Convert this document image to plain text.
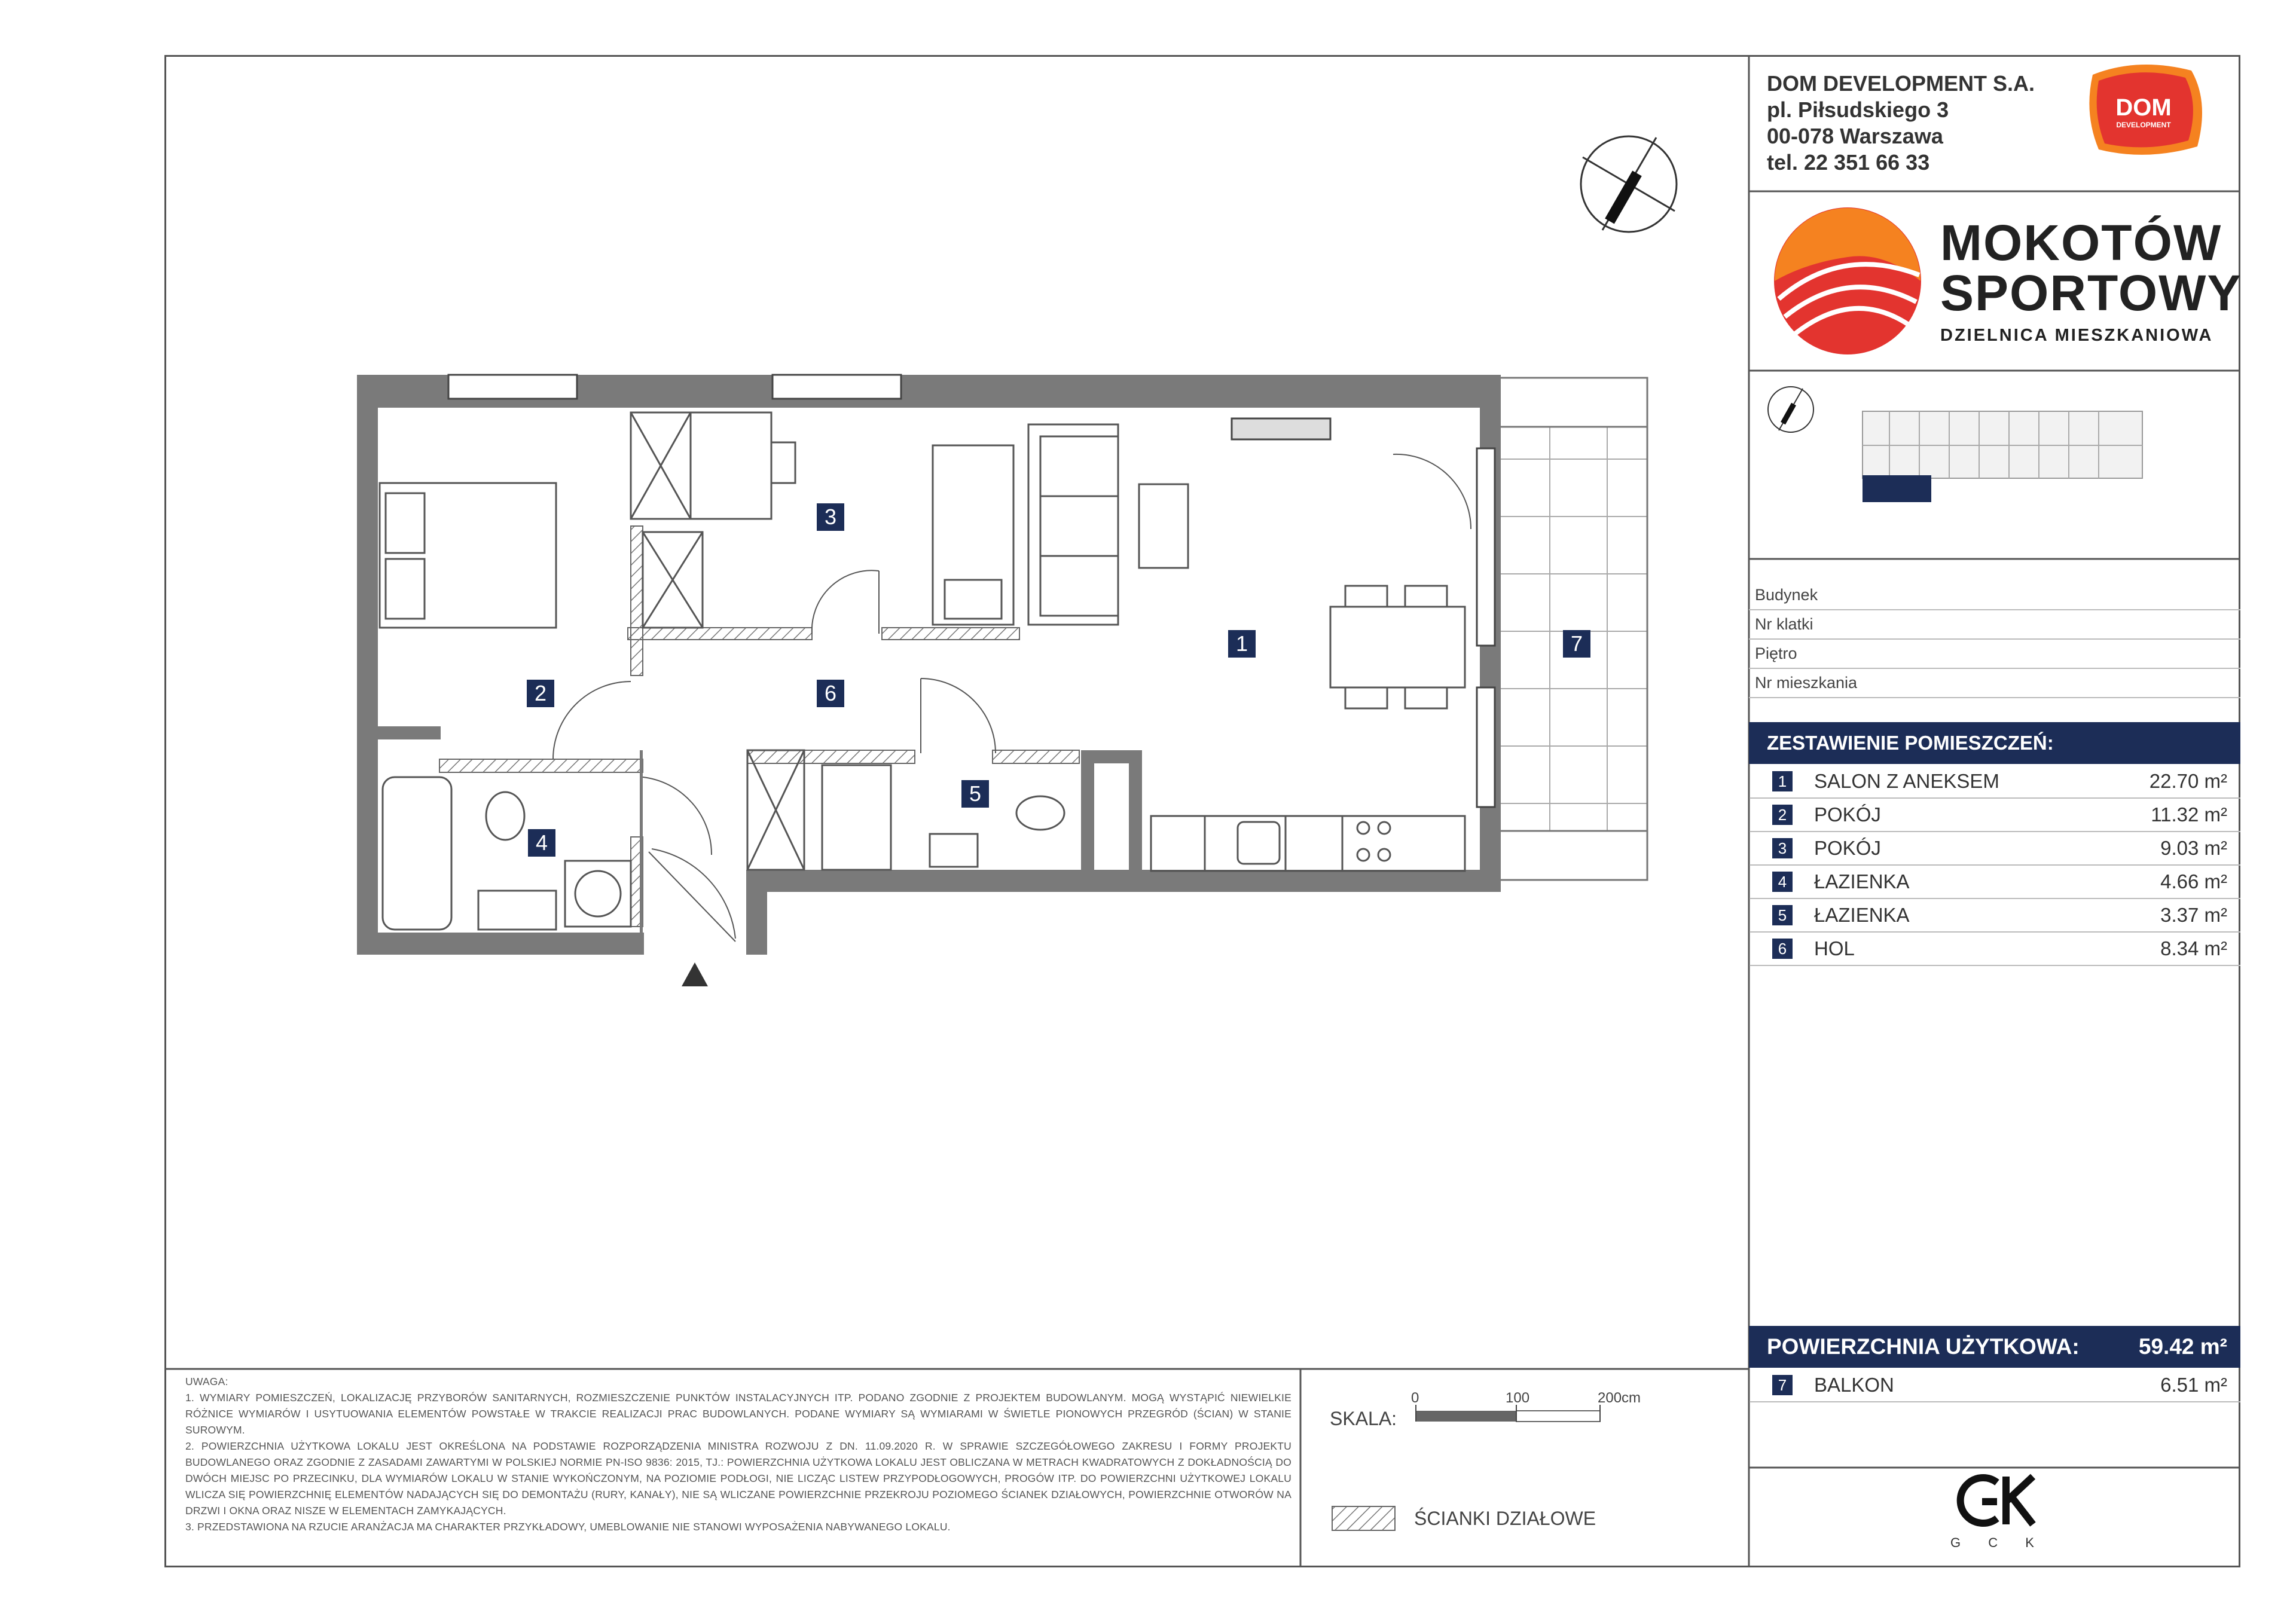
DOM DEVELOPMENT S.A.
pl. Piłsudskiego 3
00-078 Warszawa
tel. 22 351 66 33
DOM
DEVELOPMENT
MOKOTÓW
SPORTOWY
DZIELNICA MIESZKANIOWA
Budynek
Nr klatki
Piętro
Nr mieszkania
ZESTAWIENIE POMIESZCZEŃ:
1 SALON Z ANEKSEM	22.70 m²
2 POKÓJ	11.32 m²
3 POKÓJ	9.03 m²
4 ŁAZIENKA	4.66 m²
5 ŁAZIENKA	3.37 m²
6 HOL	8.34 m²
POWIERZCHNIA UŻYTKOWA:	59.42 m²
7 BALKON	6.51 m²
1
2
3
4
5
6
7
UWAGA:
1. WYMIARY POMIESZCZEŃ, LOKALIZACJĘ PRZYBORÓW SANITARNYCH, ROZMIESZCZENIE PUNKTÓW INSTALACYJNYCH ITP. PODANO ZGODNIE Z PROJEKTEM BUDOWLANYM. MOGĄ WYSTĄPIĆ NIEWIELKIE RÓŻNICE WYMIARÓW I USYTUOWANIA ELEMENTÓW POWSTAŁE W TRAKCIE REALIZACJI PRAC BUDOWLANYCH. PODANE WYMIARY SĄ WYMIARAMI W ŚWIETLE PIONOWYCH PRZEGRÓD (ŚCIAN) W STANIE SUROWYM.
2. POWIERZCHNIA UŻYTKOWA LOKALU JEST OKREŚLONA NA PODSTAWIE ROZPORZĄDZENIA MINISTRA ROZWOJU Z DN. 11.09.2020 R. W SPRAWIE SZCZEGÓŁOWEGO ZAKRESU I FORMY PROJEKTU BUDOWLANEGO ORAZ ZGODNIE Z ZASADAMI ZAWARTYMI W POLSKIEJ NORMIE PN-ISO 9836: 2015, TJ.: POWIERZCHNIA UŻYTKOWA LOKALU JEST OBLICZANA W METRACH KWADRATOWYCH Z DOKŁADNOŚCIĄ DO DWÓCH MIEJSC PO PRZECINKU, DLA WYMIARÓW LOKALU W STANIE WYKOŃCZONYM, NA POZIOMIE PODŁOGI, NIE LICZĄC LISTEW PRZYPODŁOGOWYCH, PROGÓW ITP. DO POWIERZCHNI UŻYTKOWEJ LOKALU WLICZA SIĘ POWIERZCHNIĘ ELEMENTÓW NADAJĄCYCH SIĘ DO DEMONTAŻU (RURY, KANAŁY), NIE SĄ WLICZANE POWIERZCHNIE PRZEKROJU POZIOMEGO ŚCIANEK DZIAŁOWYCH, POWIERZCHNIE OTWORÓW NA DRZWI I OKNA ORAZ NISZE W ELEMENTACH ZAMYKAJĄCYCH.
3. PRZEDSTAWIONA NA RZUCIE ARANŻACJA MA CHARAKTER PRZYKŁADOWY, UMEBLOWANIE NIE STANOWI WYPOSAŻENIA NABYWANEGO LOKALU.
SKALA:
0	100	200cm
ŚCIANKI DZIAŁOWE
G C K
